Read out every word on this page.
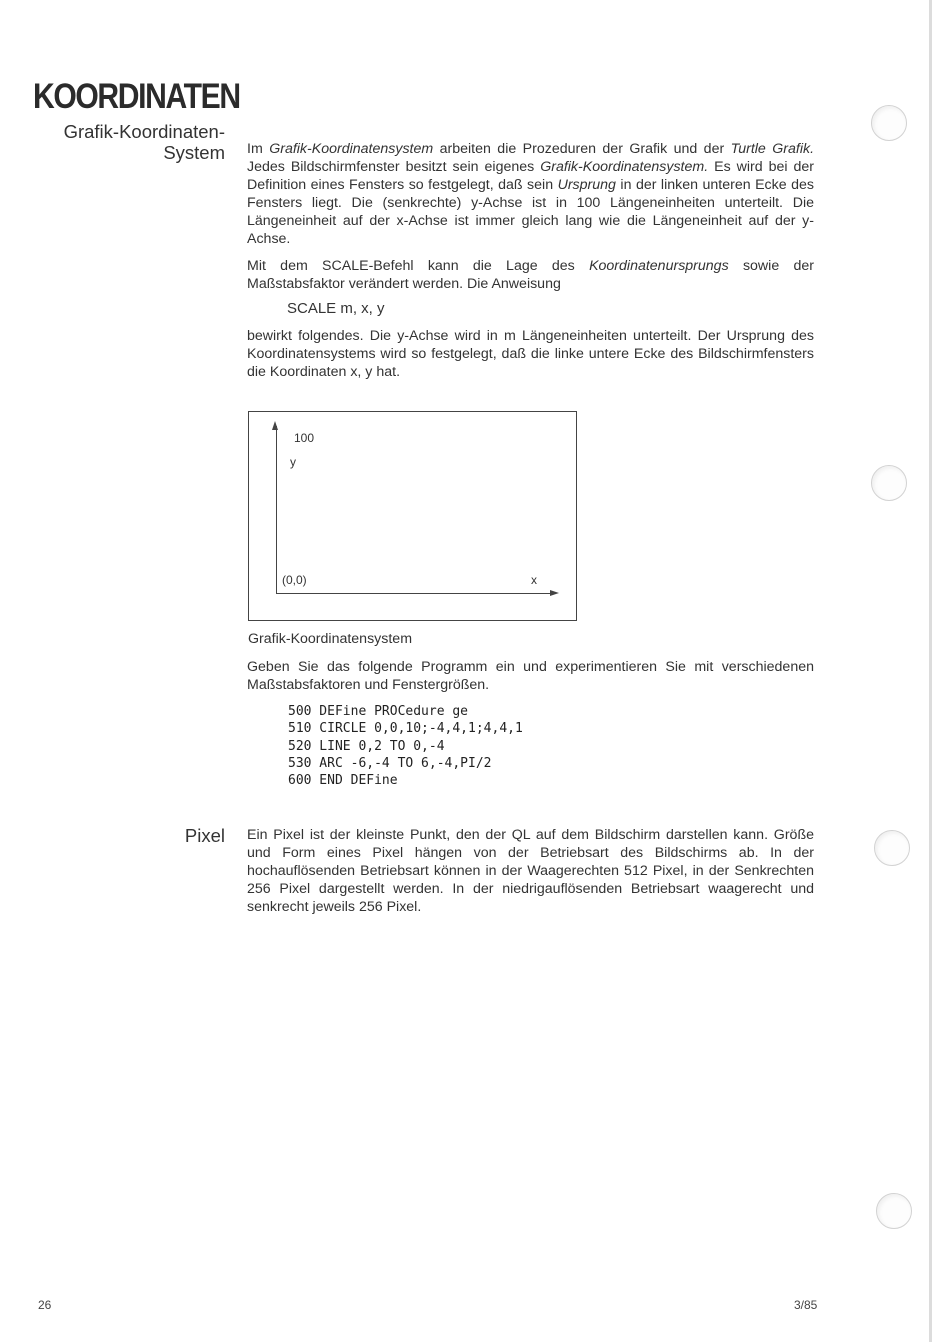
KOORDINATEN
Grafik-Koordinaten-
System Im Grafik-Koordinatensystem arbeiten die Prozeduren der Grafik und der Turtle Grafik. Jedes Bildschirmfenster besitzt sein eigenes Grafik-Koordinatensystem. Es wird bei der Definition eines Fensters so festgelegt, daß sein Ursprung in der linken unteren Ecke des Fensters liegt. Die (senkrechte) y-Achse ist in 100 Längeneinheiten unterteilt. Die Längeneinheit auf der x-Achse ist immer gleich lang wie die Längeneinheit auf der y-Achse.

Mit dem SCALE-Befehl kann die Lage des Koordinatenursprungs sowie der Maßstabsfaktor verändert werden. Die Anweisung

SCALE m, x, y

bewirkt folgendes. Die y-Achse wird in m Längeneinheiten unterteilt. Der Ursprung des Koordinatensystems wird so festgelegt, daß die linke untere Ecke des Bildschirmfensters die Koordinaten x, y hat.

100
y
(0,0)	x
Grafik-Koordinatensystem

Geben Sie das folgende Programm ein und experimentieren Sie mit verschiedenen Maßstabsfaktoren und Fenstergrößen.

500 DEFine PROCedure ge
510 CIRCLE 0,0,10;-4,4,1;4,4,1
520 LINE 0,2 TO 0,-4
530 ARC -6,-4 TO 6,-4,PI/2
600 END DEFine
Pixel Ein Pixel ist der kleinste Punkt, den der QL auf dem Bildschirm darstellen kann. Größe und Form eines Pixel hängen von der Betriebsart des Bildschirms ab. In der hochauflösenden Betriebsart können in der Waagerechten 512 Pixel, in der Senkrechten 256 Pixel dargestellt werden. In der niedrigauflösenden Betriebsart waagerecht und senkrecht jeweils 256 Pixel.

26	3/85
